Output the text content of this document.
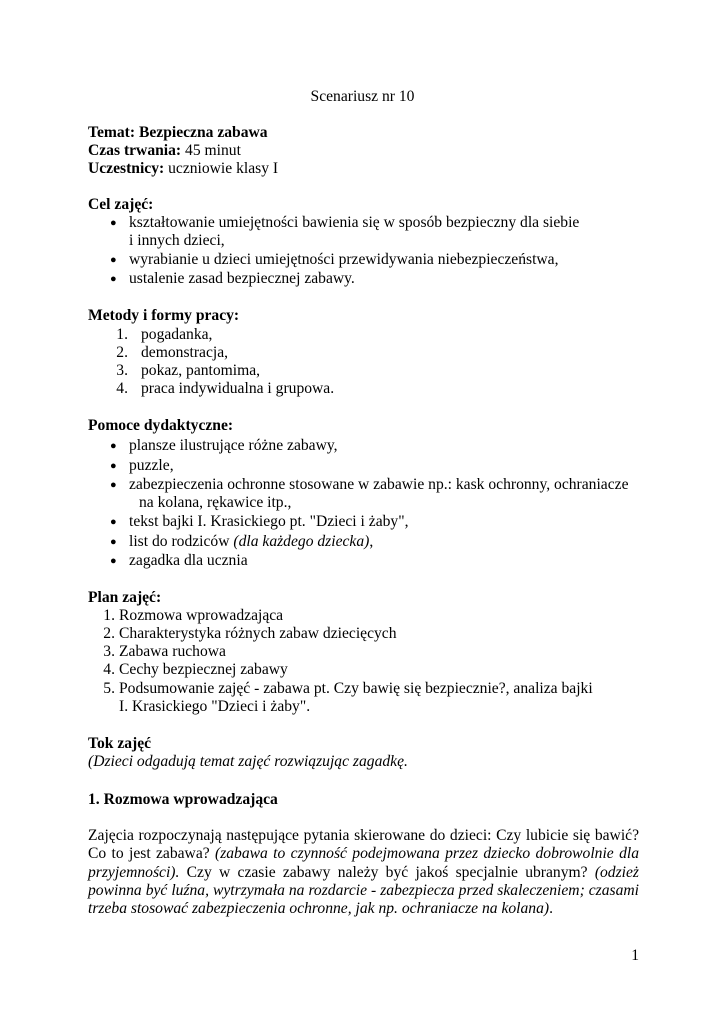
Scenariusz nr 10
Temat: Bezpieczna zabawa
Czas trwania: 45 minut
Uczestnicy: uczniowie klasy I
Cel zajęć:
● kształtowanie umiejętności bawienia się w sposób bezpieczny dla siebie
i innych dzieci,
● wyrabianie u dzieci umiejętności przewidywania niebezpieczeństwa,
● ustalenie zasad bezpiecznej zabawy.
Metody i formy pracy:
1. pogadanka,
2. demonstracja,
3. pokaz, pantomima,
4. praca indywidualna i grupowa.
Pomoce dydaktyczne:
● plansze ilustrujące różne zabawy,
● puzzle,
● zabezpieczenia ochronne stosowane w zabawie np.: kask ochronny, ochraniacze
na kolana, rękawice itp.,
● tekst bajki I. Krasickiego pt. "Dzieci i żaby",
● list do rodziców (dla każdego dziecka),
● zagadka dla ucznia
Plan zajęć:
1. Rozmowa wprowadzająca
2. Charakterystyka różnych zabaw dziecięcych
3. Zabawa ruchowa
4. Cechy bezpiecznej zabawy
5. Podsumowanie zajęć - zabawa pt. Czy bawię się bezpiecznie?, analiza bajki
I. Krasickiego "Dzieci i żaby".
Tok zajęć
(Dzieci odgadują temat zajęć rozwiązując zagadkę.
1. Rozmowa wprowadzająca
Zajęcia rozpoczynają następujące pytania skierowane do dzieci: Czy lubicie się bawić? Co to jest zabawa? (zabawa to czynność podejmowana przez dziecko dobrowolnie dla przyjemności). Czy w czasie zabawy należy być jakoś specjalnie ubranym? (odzież powinna być luźna, wytrzymała na rozdarcie - zabezpiecza przed skaleczeniem; czasami trzeba stosować zabezpieczenia ochronne, jak np. ochraniacze na kolana).
1
